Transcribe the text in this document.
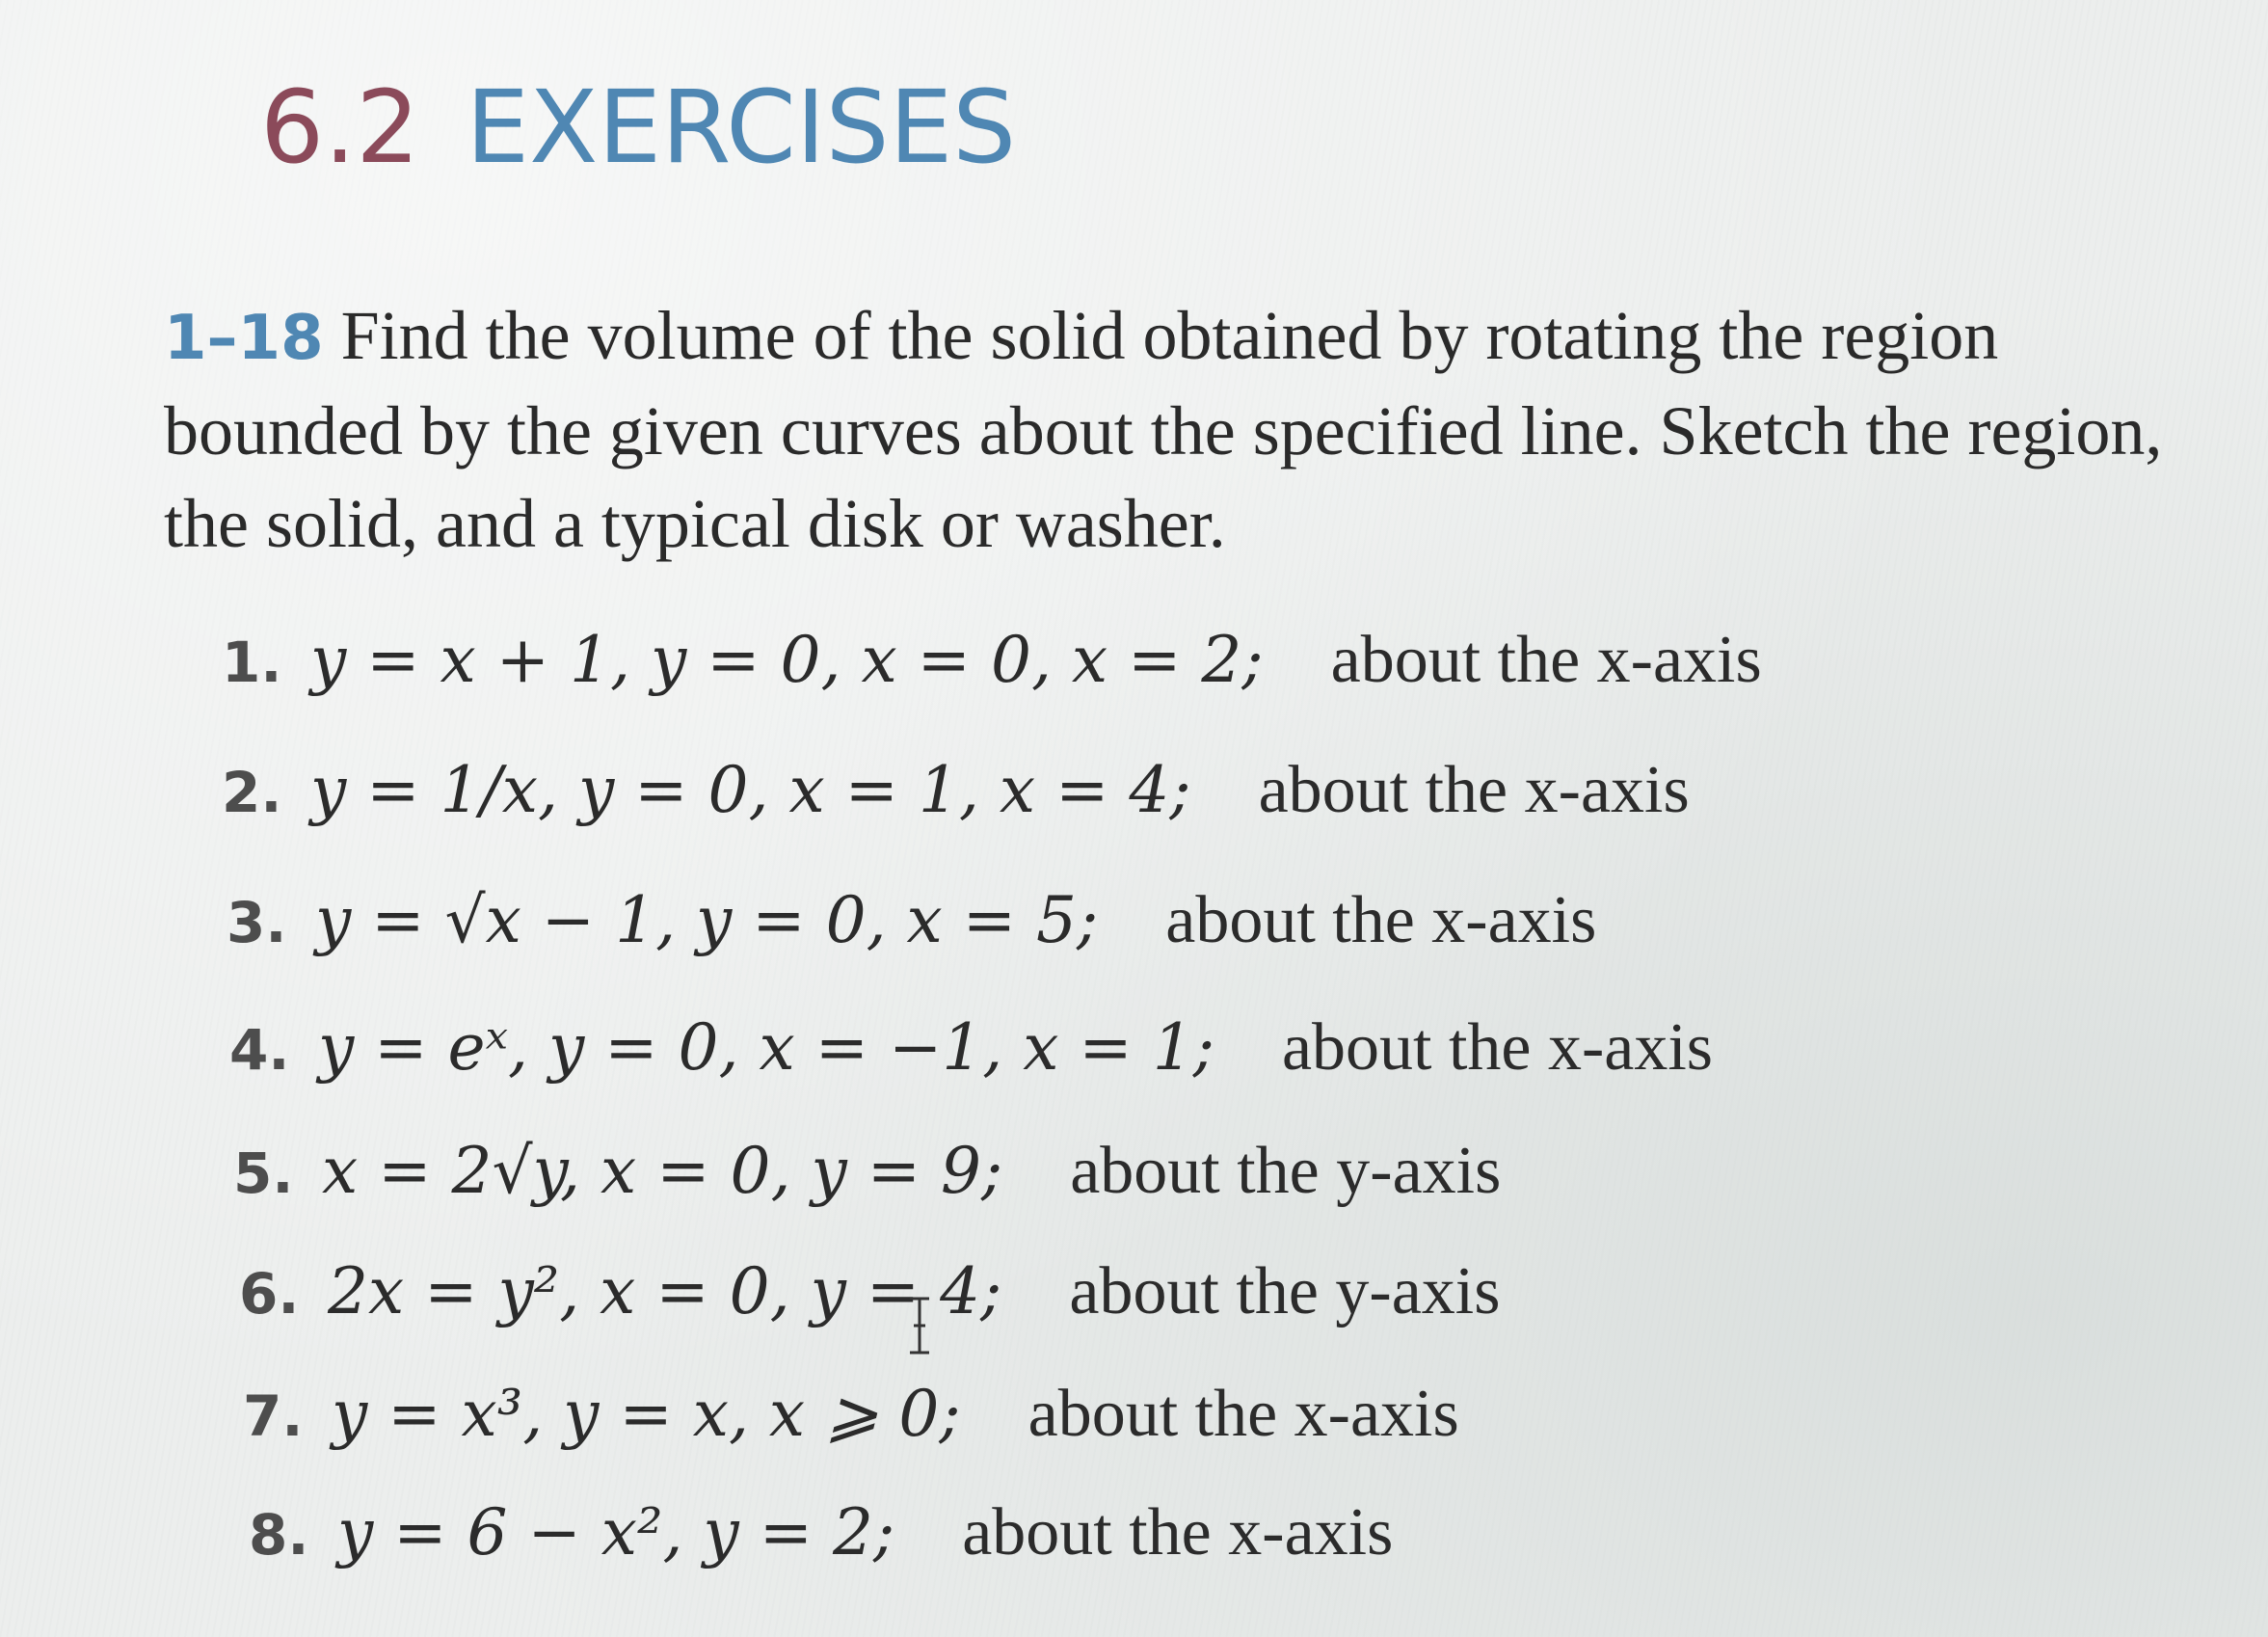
6.2 EXERCISES
1–18 Find the volume of the solid obtained by rotating the region bounded by the given curves about the specified line. Sketch the region, the solid, and a typical disk or washer.
1. y = x + 1, y = 0, x = 0, x = 2; about the x-axis
2. y = 1/x, y = 0, x = 1, x = 4; about the x-axis
3. y = √x − 1, y = 0, x = 5; about the x-axis
4. y = eˣ, y = 0, x = −1, x = 1; about the x-axis
5. x = 2√y, x = 0, y = 9; about the y-axis
6. 2x = y², x = 0, y = 4; about the y-axis
7. y = x³, y = x, x ⩾ 0; about the x-axis
8. y = 6 − x², y = 2; about the x-axis
